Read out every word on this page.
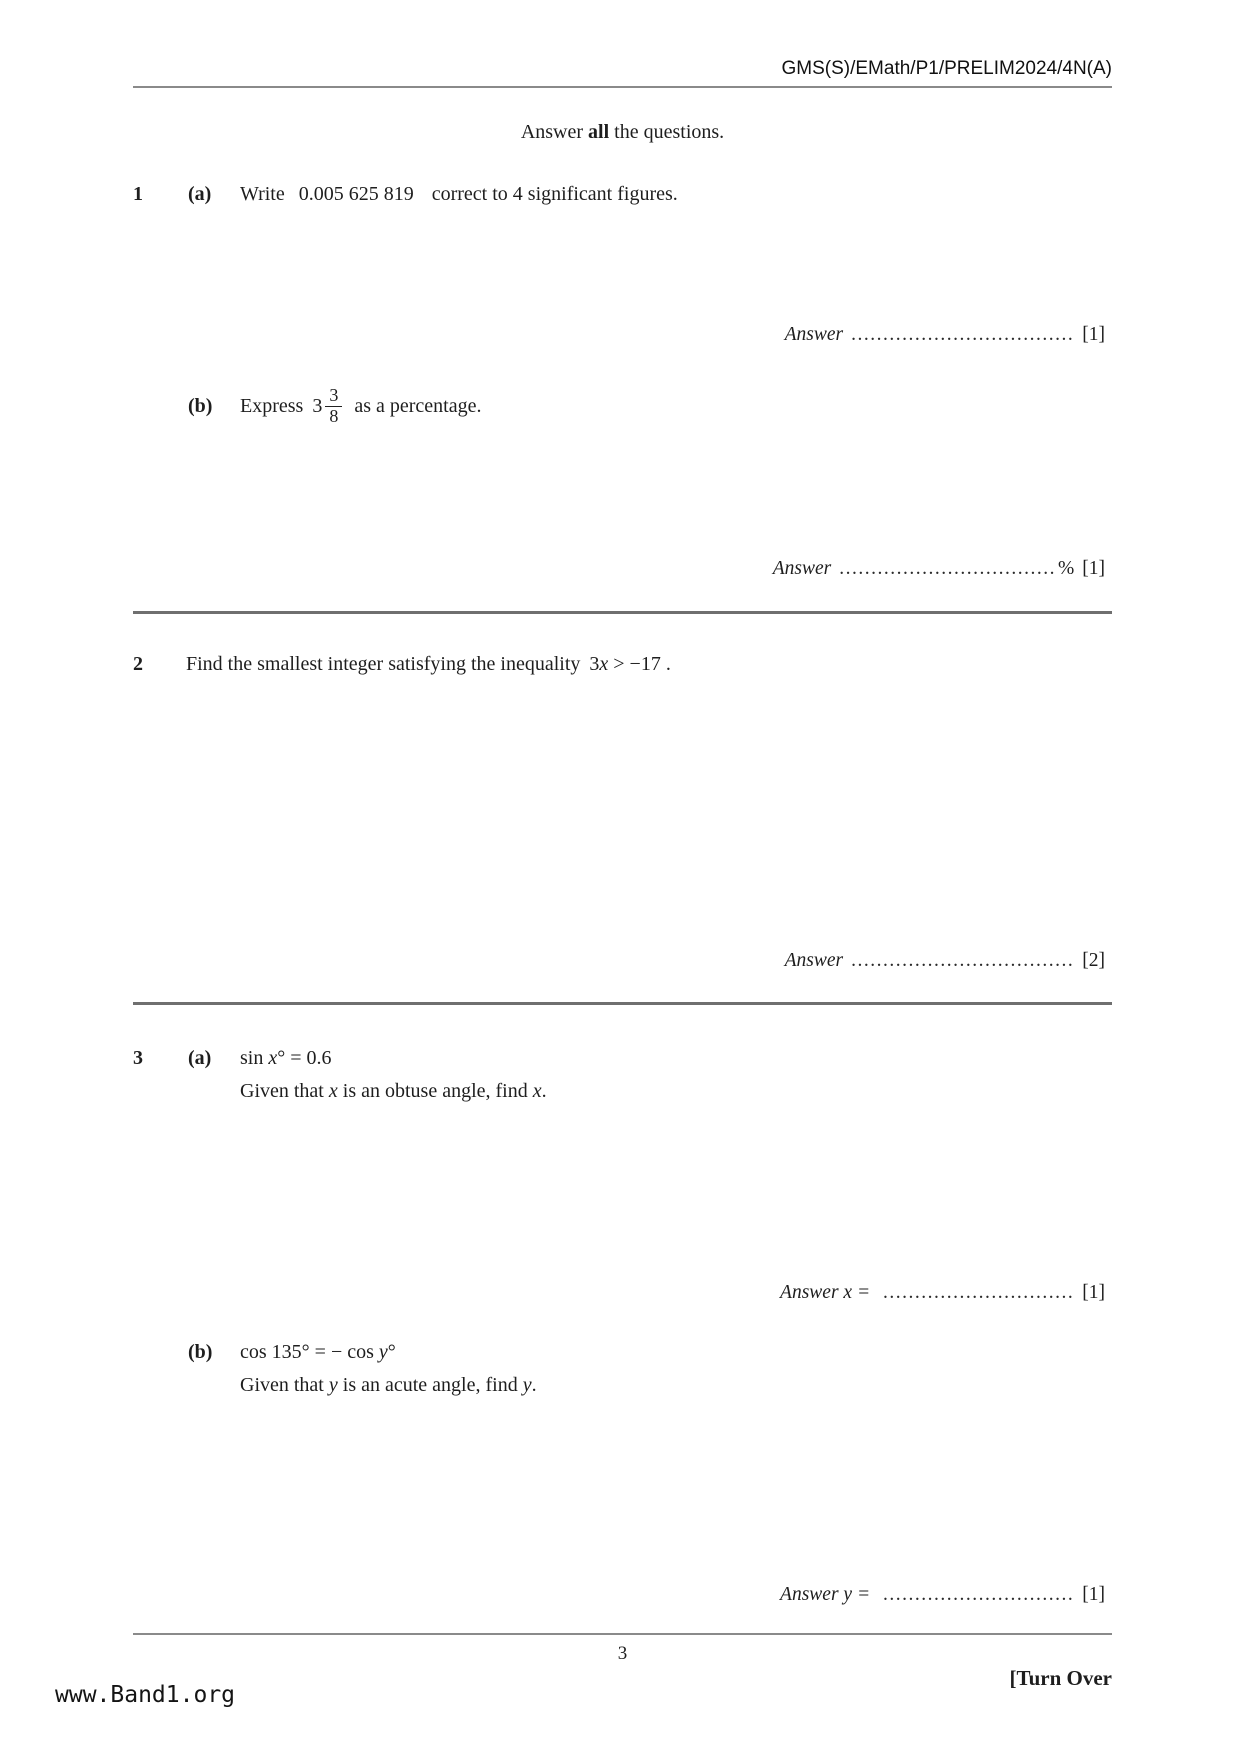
GMS(S)/EMath/P1/PRELIM2024/4N(A)
Answer all the questions.
1 (a) Write 0.005 625 819 correct to 4 significant figures.
Answer ................................... [1]
(b) Express $3 \frac{3}{8}$ as a percentage.
Answer .................................. % [1]
2 Find the smallest integer satisfying the inequality 3x > −17 .
Answer ................................... [2]
3 (a) sin x° = 0.6
Given that x is an obtuse angle, find x.
Answer x = .............................. [1]
(b) cos 135° = − cos y°
Given that y is an acute angle, find y.
Answer y = .............................. [1]
3
[Turn Over
www.Band1.org
